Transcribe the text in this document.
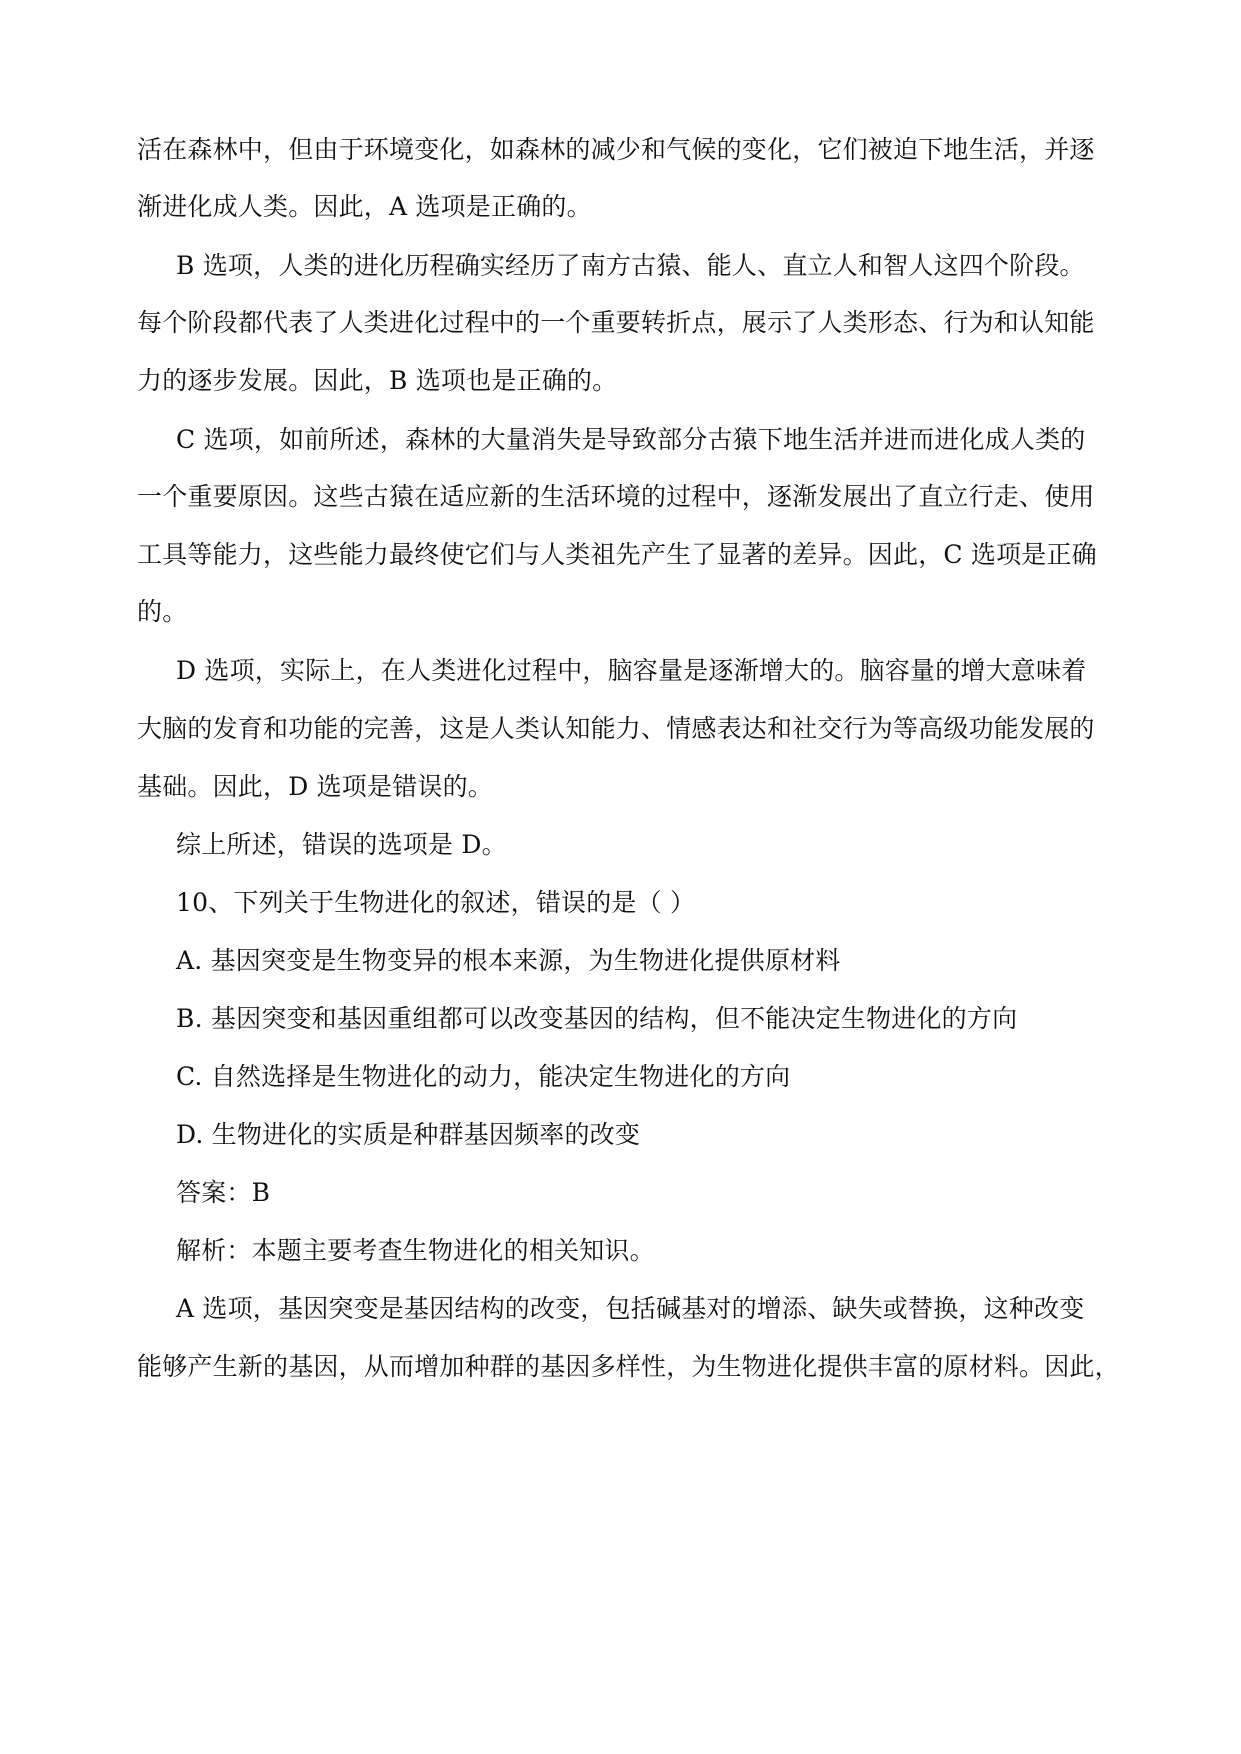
活在森林中，但由于环境变化，如森林的减少和气候的变化，它们被迫下地生活，并逐
渐进化成人类。因此，A 选项是正确的。
B 选项，人类的进化历程确实经历了南方古猿、能人、直立人和智人这四个阶段。
每个阶段都代表了人类进化过程中的一个重要转折点，展示了人类形态、行为和认知能
力的逐步发展。因此，B 选项也是正确的。
C 选项，如前所述，森林的大量消失是导致部分古猿下地生活并进而进化成人类的
一个重要原因。这些古猿在适应新的生活环境的过程中，逐渐发展出了直立行走、使用
工具等能力，这些能力最终使它们与人类祖先产生了显著的差异。因此，C 选项是正确
的。
D 选项，实际上，在人类进化过程中，脑容量是逐渐增大的。脑容量的增大意味着
大脑的发育和功能的完善，这是人类认知能力、情感表达和社交行为等高级功能发展的
基础。因此，D 选项是错误的。
综上所述，错误的选项是 D。
10、下列关于生物进化的叙述，错误的是（ ）
A. 基因突变是生物变异的根本来源，为生物进化提供原材料
B. 基因突变和基因重组都可以改变基因的结构，但不能决定生物进化的方向
C. 自然选择是生物进化的动力，能决定生物进化的方向
D. 生物进化的实质是种群基因频率的改变
答案：B
解析：本题主要考查生物进化的相关知识。
A 选项，基因突变是基因结构的改变，包括碱基对的增添、缺失或替换，这种改变
能够产生新的基因，从而增加种群的基因多样性，为生物进化提供丰富的原材料。因此，
